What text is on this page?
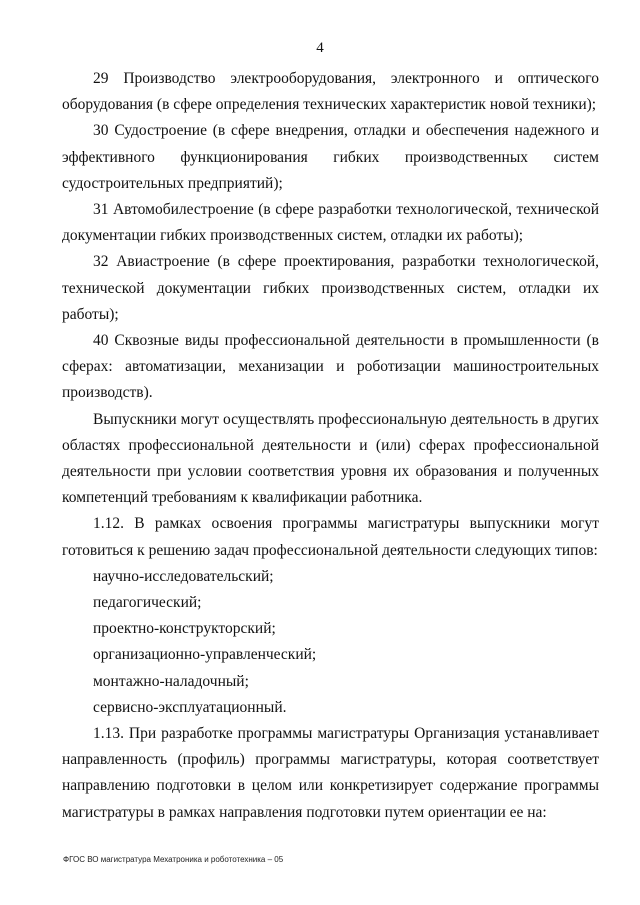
4

29 Производство электрооборудования, электронного и оптического оборудования (в сфере определения технических характеристик новой техники);

30 Судостроение (в сфере внедрения, отладки и обеспечения надежного и эффективного функционирования гибких производственных систем судостроительных предприятий);

31 Автомобилестроение (в сфере разработки технологической, технической документации гибких производственных систем, отладки их работы);

32 Авиастроение (в сфере проектирования, разработки технологической, технической документации гибких производственных систем, отладки их работы);

40 Сквозные виды профессиональной деятельности в промышленности (в сферах: автоматизации, механизации и роботизации машиностроительных производств).

Выпускники могут осуществлять профессиональную деятельность в других областях профессиональной деятельности и (или) сферах профессиональной деятельности при условии соответствия уровня их образования и полученных компетенций требованиям к квалификации работника.

1.12. В рамках освоения программы магистратуры выпускники могут готовиться к решению задач профессиональной деятельности следующих типов:

научно-исследовательский;

педагогический;

проектно-конструкторский;

организационно-управленческий;

монтажно-наладочный;

сервисно-эксплуатационный.

1.13. При разработке программы магистратуры Организация устанавливает направленность (профиль) программы магистратуры, которая соответствует направлению подготовки в целом или конкретизирует содержание программы магистратуры в рамках направления подготовки путем ориентации ее на:

ФГОС ВО магистратура Мехатроника и робототехника – 05
